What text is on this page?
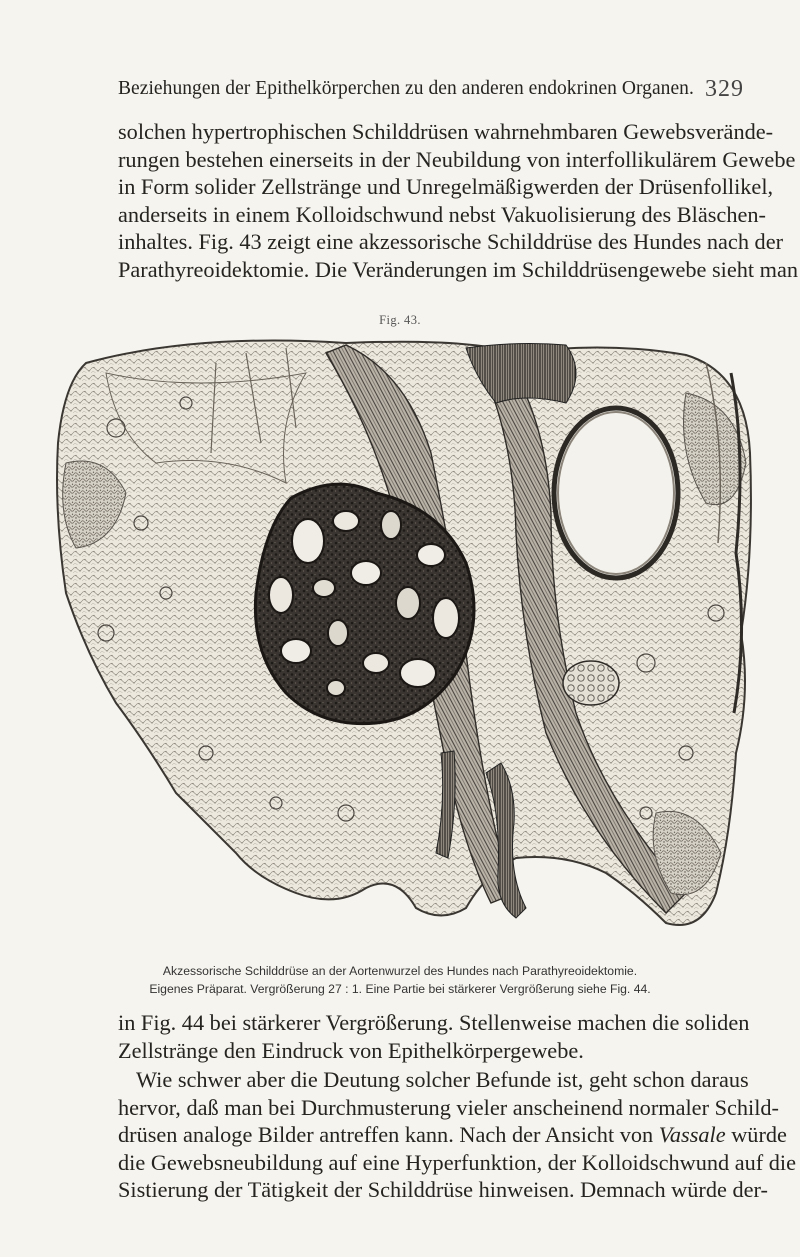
Beziehungen der Epithelkörperchen zu den anderen endokrinen Organen. 329

solchen hypertrophischen Schilddrüsen wahrnehmbaren Gewebsverände-
rungen bestehen einerseits in der Neubildung von interfollikulärem Gewebe
in Form solider Zellstränge und Unregelmäßigwerden der Drüsenfollikel,
anderseits in einem Kolloidschwund nebst Vakuolisierung des Bläschen-
inhaltes. Fig. 43 zeigt eine akzessorische Schilddrüse des Hundes nach der
Parathyreoidektomie. Die Veränderungen im Schilddrüsengewebe sieht man

Fig. 43.
Akzessorische Schilddrüse an der Aortenwurzel des Hundes nach Parathyreoidektomie.
Eigenes Präparat. Vergrößerung 27 : 1. Eine Partie bei stärkerer Vergrößerung siehe Fig. 44.

in Fig. 44 bei stärkerer Vergrößerung. Stellenweise machen die soliden
Zellstränge den Eindruck von Epithelkörpergewebe.

Wie schwer aber die Deutung solcher Befunde ist, geht schon daraus
hervor, daß man bei Durchmusterung vieler anscheinend normaler Schild-
drüsen analoge Bilder antreffen kann. Nach der Ansicht von Vassale würde
die Gewebsneubildung auf eine Hyperfunktion, der Kolloidschwund auf die
Sistierung der Tätigkeit der Schilddrüse hinweisen. Demnach würde der-
